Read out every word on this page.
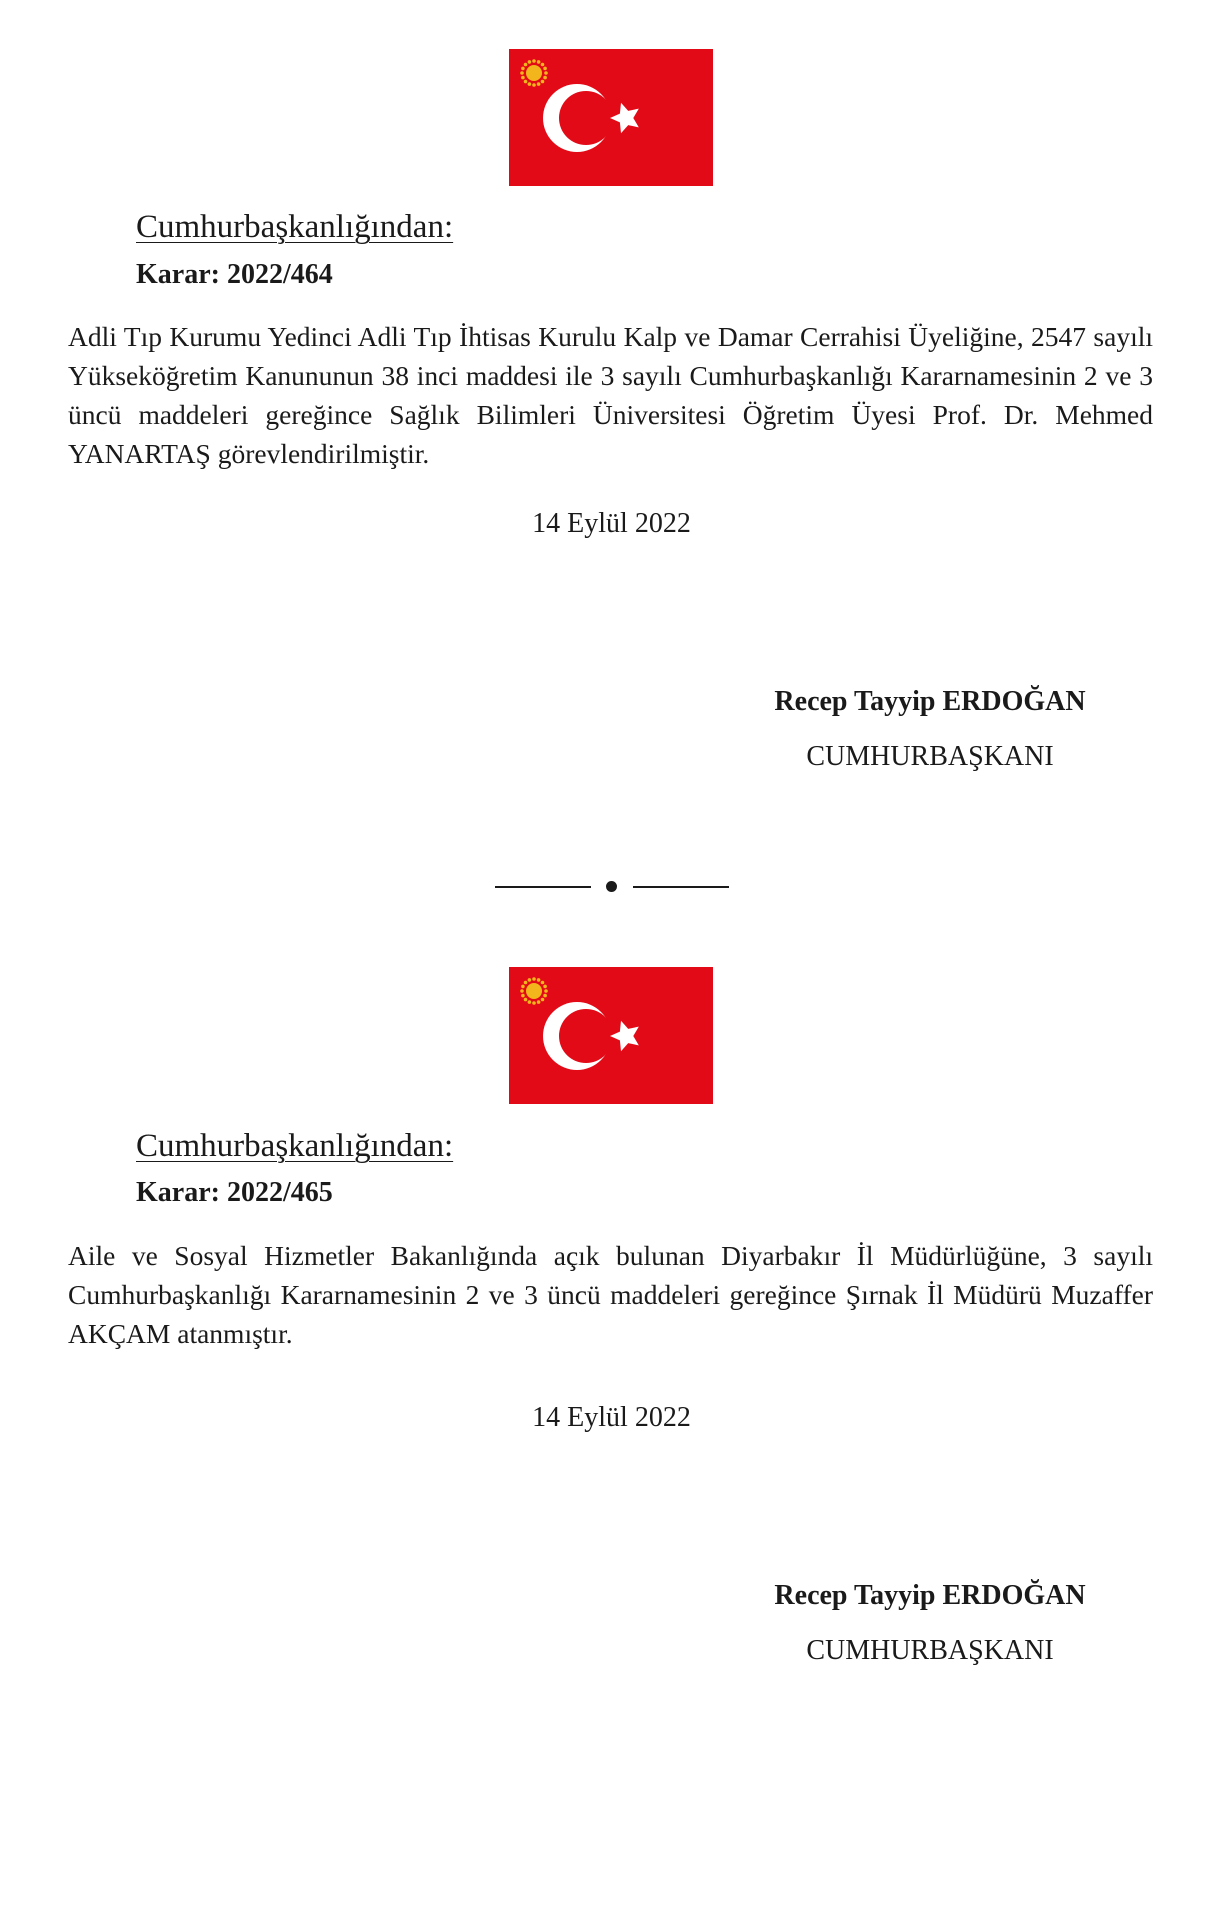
Cumhurbaşkanlığından:
Karar: 2022/464

Adli Tıp Kurumu Yedinci Adli Tıp İhtisas Kurulu Kalp ve Damar Cerrahisi Üyeliğine, 2547 sayılı Yükseköğretim Kanununun 38 inci maddesi ile 3 sayılı Cumhurbaşkanlığı Kararnamesinin 2 ve 3 üncü maddeleri gereğince Sağlık Bilimleri Üniversitesi Öğretim Üyesi Prof. Dr. Mehmed YANARTAŞ görevlendirilmiştir.

14 Eylül 2022
Recep Tayyip ERDOĞAN
CUMHURBAŞKANI
Cumhurbaşkanlığından:
Karar: 2022/465

Aile ve Sosyal Hizmetler Bakanlığında açık bulunan Diyarbakır İl Müdürlüğüne, 3 sayılı Cumhurbaşkanlığı Kararnamesinin 2 ve 3 üncü maddeleri gereğince Şırnak İl Müdürü Muzaffer AKÇAM atanmıştır.

14 Eylül 2022
Recep Tayyip ERDOĞAN
CUMHURBAŞKANI
